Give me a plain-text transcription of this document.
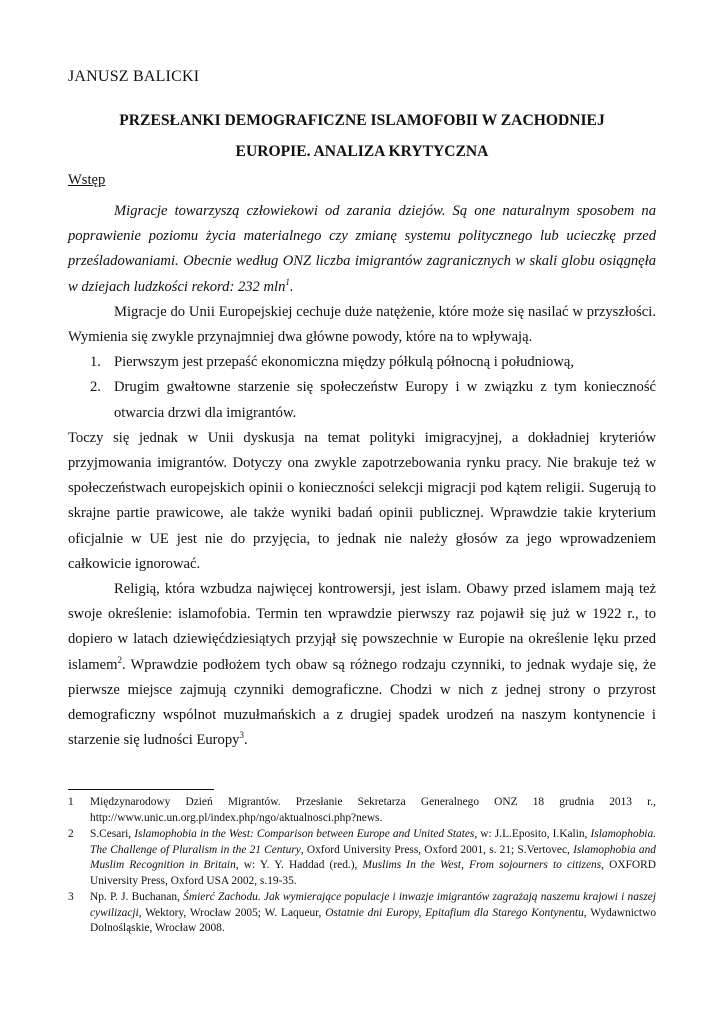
JANUSZ BALICKI
PRZESŁANKI DEMOGRAFICZNE ISLAMOFOBII W ZACHODNIEJ
EUROPIE. ANALIZA KRYTYCZNA
Wstęp

Migracje towarzyszą człowiekowi od zarania dziejów. Są one naturalnym sposobem na poprawienie poziomu życia materialnego czy zmianę systemu politycznego lub ucieczkę przed prześladowaniami. Obecnie według ONZ liczba imigrantów zagranicznych w skali globu osiągnęła w dziejach ludzkości rekord: 232 mln$^1$.

Migracje do Unii Europejskiej cechuje duże natężenie, które może się nasilać w przyszłości. Wymienia się zwykle przynajmniej dwa główne powody, które na to wpływają.

1. Pierwszym jest przepaść ekonomiczna między półkulą północną i południową,
2. Drugim gwałtowne starzenie się społeczeństw Europy i w związku z tym konieczność otwarcia drzwi dla imigrantów.

Toczy się jednak w Unii dyskusja na temat polityki imigracyjnej, a dokładniej kryteriów przyjmowania imigrantów. Dotyczy ona zwykle zapotrzebowania rynku pracy. Nie brakuje też w społeczeństwach europejskich opinii o konieczności selekcji migracji pod kątem religii. Sugerują to skrajne partie prawicowe, ale także wyniki badań opinii publicznej. Wprawdzie takie kryterium oficjalnie w UE jest nie do przyjęcia, to jednak nie należy głosów za jego wprowadzeniem całkowicie ignorować.

Religią, która wzbudza najwięcej kontrowersji, jest islam. Obawy przed islamem mają też swoje określenie: islamofobia. Termin ten wprawdzie pierwszy raz pojawił się już w 1922 r., to dopiero w latach dziewięćdziesiątych przyjął się powszechnie w Europie na określenie lęku przed islamem$^2$. Wprawdzie podłożem tych obaw są różnego rodzaju czynniki, to jednak wydaje się, że pierwsze miejsce zajmują czynniki demograficzne. Chodzi w nich z jednej strony o przyrost demograficzny wspólnot muzułmańskich a z drugiej spadek urodzeń na naszym kontynencie i starzenie się ludności Europy$^3$.

1 Międzynarodowy Dzień Migrantów. Przesłanie Sekretarza Generalnego ONZ 18 grudnia 2013 r., http://www.unic.un.org.pl/index.php/ngo/aktualnosci.php?news.
2 S.Cesari, Islamophobia in the West: Comparison between Europe and United States, w: J.L.Eposito, I.Kalin, Islamophobia. The Challenge of Pluralism in the 21 Century, Oxford University Press, Oxford 2001, s. 21; S.Vertovec, Islamophobia and Muslim Recognition in Britain, w: Y. Y. Haddad (red.), Muslims In the West, From sojourners to citizens, OXFORD University Press, Oxford USA 2002, s.19-35.
3 Np. P. J. Buchanan, Śmierć Zachodu. Jak wymierające populacje i inwazje imigrantów zagrażają naszemu krajowi i naszej cywilizacji, Wektory, Wrocław 2005; W. Laqueur, Ostatnie dni Europy, Epitafium dla Starego Kontynentu, Wydawnictwo Dolnośląskie, Wrocław 2008.
